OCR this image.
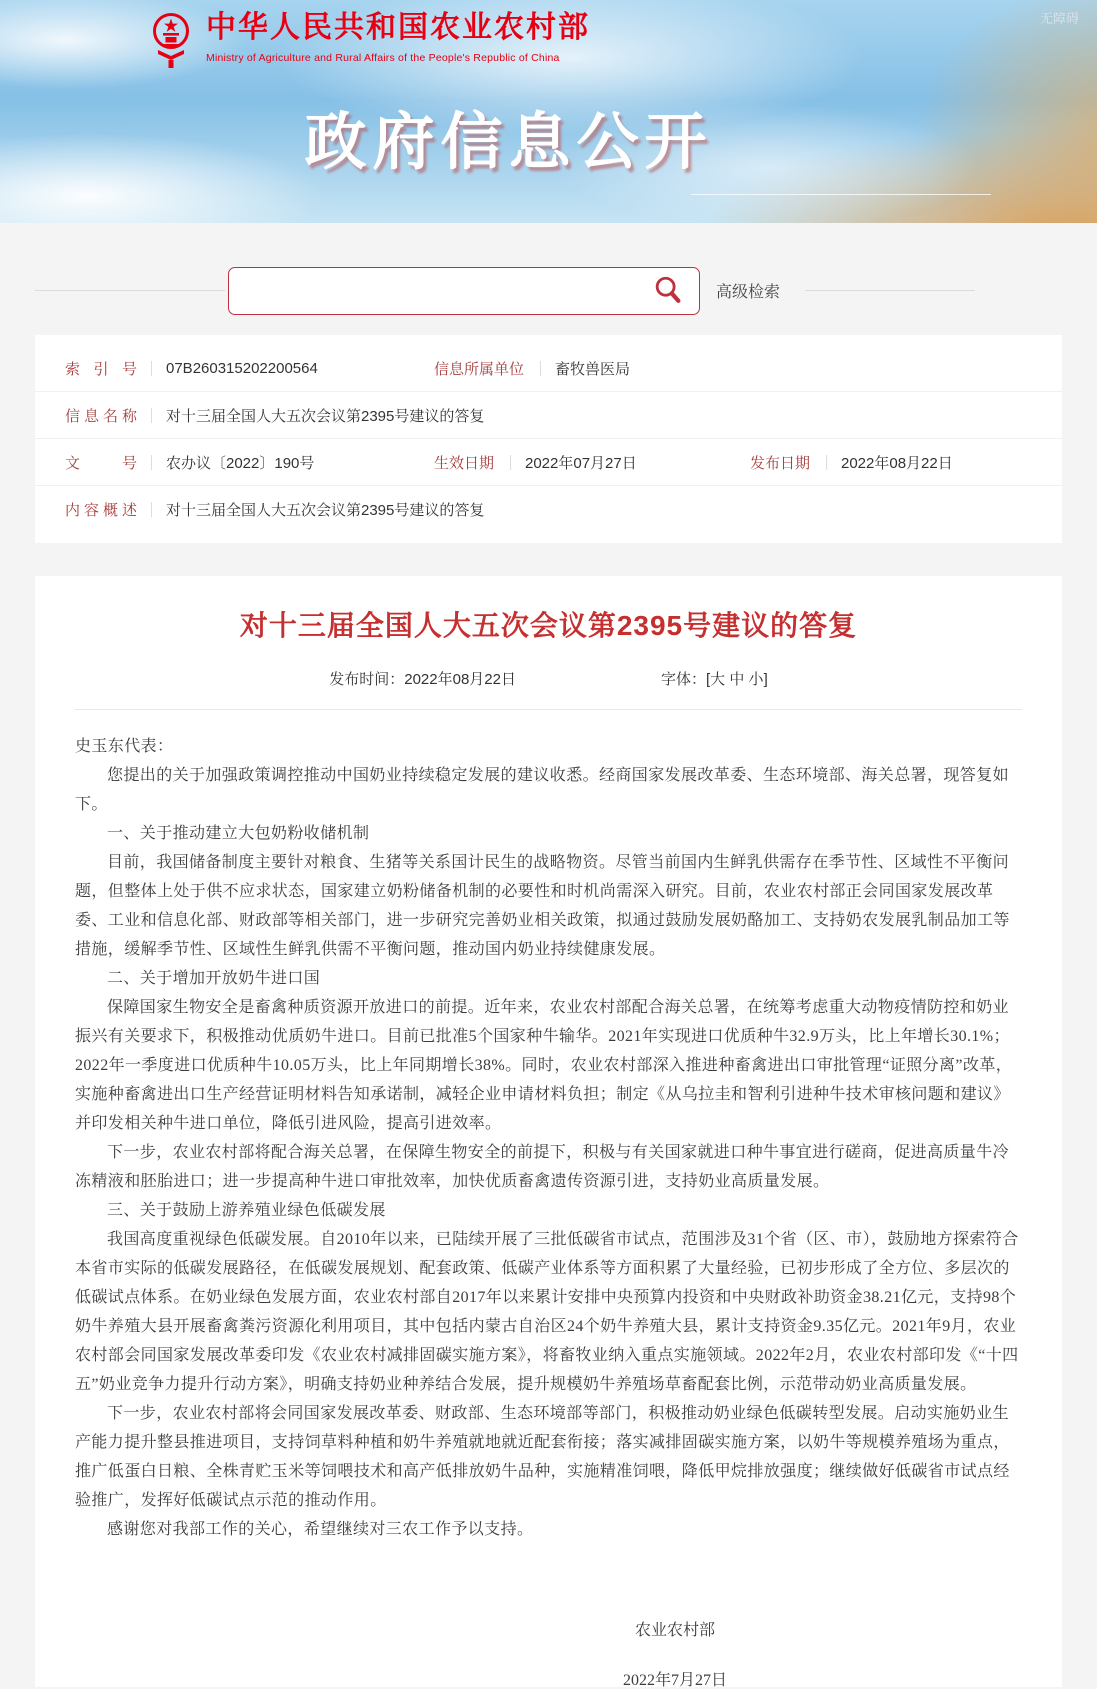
无障碍
中华人民共和国农业农村部
Ministry of Agriculture and Rural Affairs of the People's Republic of China
政府信息公开
高级检索
索引号 07B260315202200564	信息所属单位 畜牧兽医局
信息名称 对十三届全国人大五次会议第2395号建议的答复
文号 农办议〔2022〕190号	生效日期 2022年07月27日	发布日期 2022年08月22日
内容概述 对十三届全国人大五次会议第2395号建议的答复
对十三届全国人大五次会议第2395号建议的答复
发布时间：2022年08月22日	字体：[大 中 小]

史玉东代表：

您提出的关于加强政策调控推动中国奶业持续稳定发展的建议收悉。经商国家发展改革委、生态环境部、海关总署，现答复如下。

一、关于推动建立大包奶粉收储机制

目前，我国储备制度主要针对粮食、生猪等关系国计民生的战略物资。尽管当前国内生鲜乳供需存在季节性、区域性不平衡问题，但整体上处于供不应求状态，国家建立奶粉储备机制的必要性和时机尚需深入研究。目前，农业农村部正会同国家发展改革委、工业和信息化部、财政部等相关部门，进一步研究完善奶业相关政策，拟通过鼓励发展奶酪加工、支持奶农发展乳制品加工等措施，缓解季节性、区域性生鲜乳供需不平衡问题，推动国内奶业持续健康发展。

二、关于增加开放奶牛进口国

保障国家生物安全是畜禽种质资源开放进口的前提。近年来，农业农村部配合海关总署，在统筹考虑重大动物疫情防控和奶业振兴有关要求下，积极推动优质奶牛进口。目前已批准5个国家种牛输华。2021年实现进口优质种牛32.9万头，比上年增长30.1%；2022年一季度进口优质种牛10.05万头，比上年同期增长38%。同时，农业农村部深入推进种畜禽进出口审批管理“证照分离”改革，实施种畜禽进出口生产经营证明材料告知承诺制，减轻企业申请材料负担；制定《从乌拉圭和智利引进种牛技术审核问题和建议》并印发相关种牛进口单位，降低引进风险，提高引进效率。

下一步，农业农村部将配合海关总署，在保障生物安全的前提下，积极与有关国家就进口种牛事宜进行磋商，促进高质量牛冷冻精液和胚胎进口；进一步提高种牛进口审批效率，加快优质畜禽遗传资源引进，支持奶业高质量发展。

三、关于鼓励上游养殖业绿色低碳发展

我国高度重视绿色低碳发展。自2010年以来，已陆续开展了三批低碳省市试点，范围涉及31个省（区、市），鼓励地方探索符合本省市实际的低碳发展路径，在低碳发展规划、配套政策、低碳产业体系等方面积累了大量经验，已初步形成了全方位、多层次的低碳试点体系。在奶业绿色发展方面，农业农村部自2017年以来累计安排中央预算内投资和中央财政补助资金38.21亿元，支持98个奶牛养殖大县开展畜禽粪污资源化利用项目，其中包括内蒙古自治区24个奶牛养殖大县，累计支持资金9.35亿元。2021年9月，农业农村部会同国家发展改革委印发《农业农村减排固碳实施方案》，将畜牧业纳入重点实施领域。2022年2月，农业农村部印发《“十四五”奶业竞争力提升行动方案》，明确支持奶业种养结合发展，提升规模奶牛养殖场草畜配套比例，示范带动奶业高质量发展。

下一步，农业农村部将会同国家发展改革委、财政部、生态环境部等部门，积极推动奶业绿色低碳转型发展。启动实施奶业生产能力提升整县推进项目，支持饲草料种植和奶牛养殖就地就近配套衔接；落实减排固碳实施方案，以奶牛等规模养殖场为重点，推广低蛋白日粮、全株青贮玉米等饲喂技术和高产低排放奶牛品种，实施精准饲喂，降低甲烷排放强度；继续做好低碳省市试点经验推广，发挥好低碳试点示范的推动作用。

感谢您对我部工作的关心，希望继续对三农工作予以支持。

农业农村部
2022年7月27日
